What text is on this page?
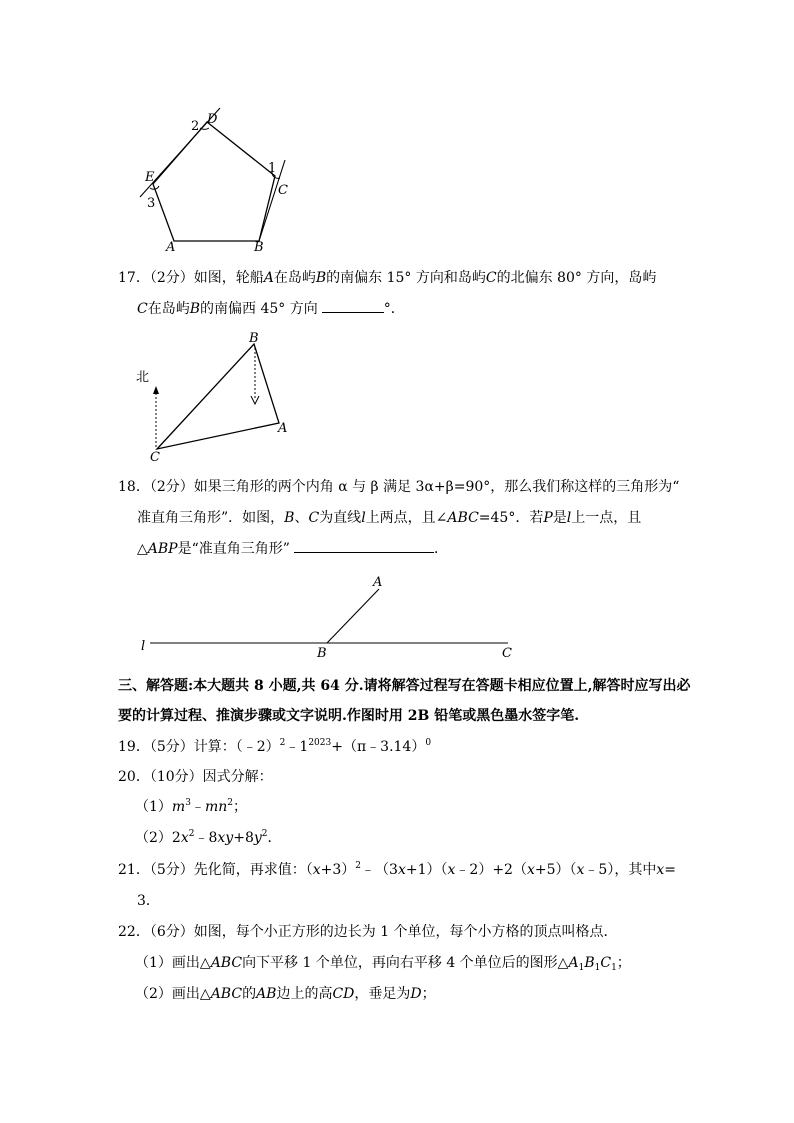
D
2
1
C
E
3
A	B
17．（2分）如图，轮船A在岛屿B的南偏东 15° 方向和岛屿C的北偏东 80° 方向，岛屿
C在岛屿B的南偏西 45° 方向	°．
北
B
A
C
18．（2分）如果三角形的两个内角 α 与 β 满足 3α+β=90°，那么我们称这样的三角形为“
准直角三角形”．如图，B、C为直线l上两点，且∠ABC=45°．若P是l上一点，且
△ABP是“准直角三角形”	．
A
l	B	C
三、解答题:本大题共 8 小题,共 64 分.请将解答过程写在答题卡相应位置上,解答时应写出必
要的计算过程、推演步骤或文字说明.作图时用 2B 铅笔或黑色墨水签字笔.
19．（5分）计算：$(﹣2)^2﹣1^{2023}+(\pi﹣3.14)^0$
20．（10分）因式分解：
$(1)m^3﹣mn^2$；
$(2)2x^2﹣8xy+8y^2$．
21．（5分）先化简，再求值：$(x+3)^2﹣(3x+1)(x﹣2)+2(x+5)(x﹣5)$，其中x=
3．
22．（6分）如图，每个小正方形的边长为 1 个单位，每个小方格的顶点叫格点．
（1）画出△ABC向下平移 1 个单位，再向右平移 4 个单位后的图形$\triangle A_1B_1C_1$；
（2）画出△ABC的AB边上的高CD，垂足为D；
